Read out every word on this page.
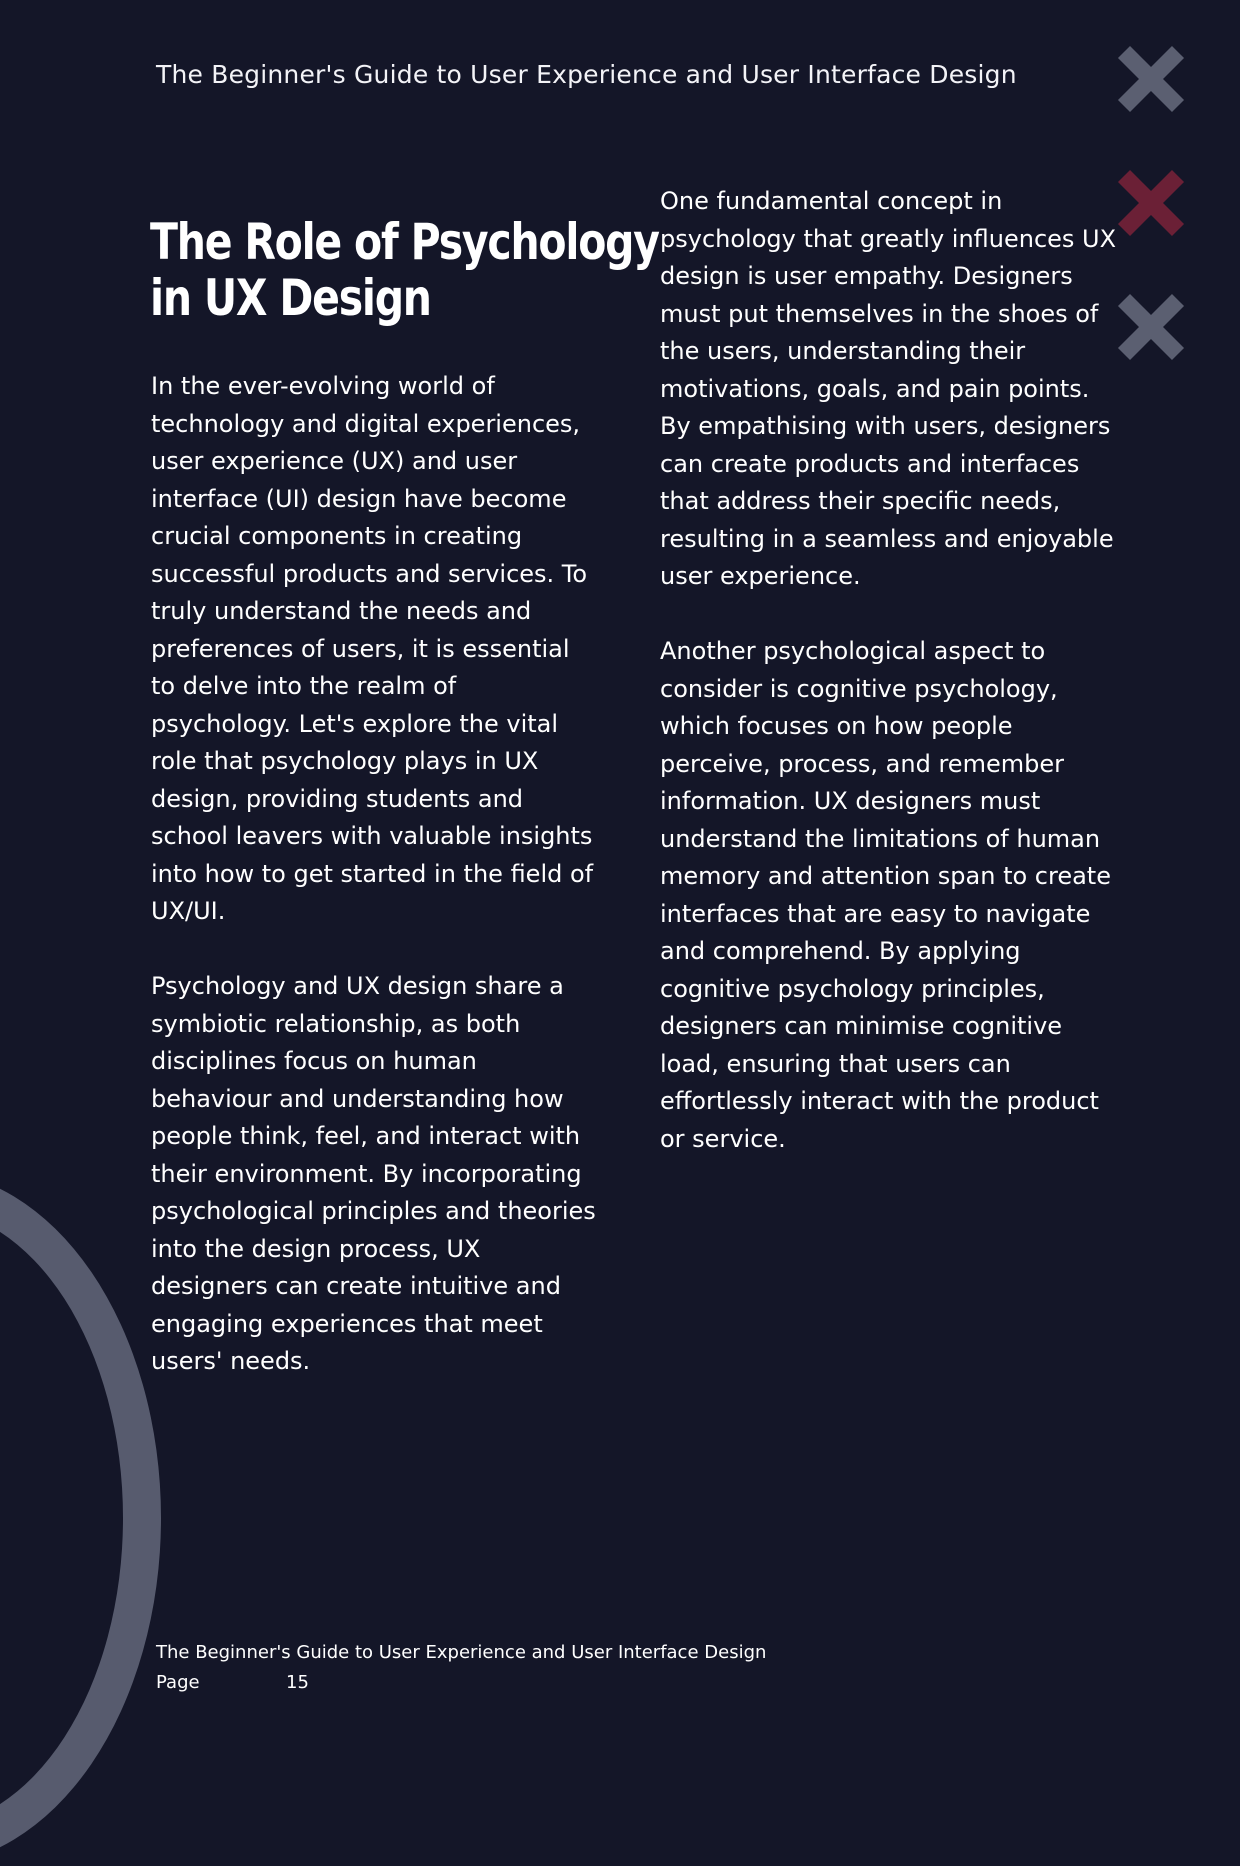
The Beginner's Guide to User Experience and User Interface Design
The Role of Psychology
in UX Design

In the ever-evolving world of technology and digital experiences, user experience (UX) and user interface (UI) design have become crucial components in creating successful products and services. To truly understand the needs and preferences of users, it is essential to delve into the realm of psychology. Let's explore the vital role that psychology plays in UX design, providing students and school leavers with valuable insights into how to get started in the field of UX/UI.

Psychology and UX design share a symbiotic relationship, as both disciplines focus on human behaviour and understanding how people think, feel, and interact with their environment. By incorporating psychological principles and theories into the design process, UX designers can create intuitive and engaging experiences that meet users' needs.

One fundamental concept in psychology that greatly influences UX design is user empathy. Designers must put themselves in the shoes of the users, understanding their motivations, goals, and pain points. By empathising with users, designers can create products and interfaces that address their specific needs, resulting in a seamless and enjoyable user experience.

Another psychological aspect to consider is cognitive psychology, which focuses on how people perceive, process, and remember information. UX designers must understand the limitations of human memory and attention span to create interfaces that are easy to navigate and comprehend. By applying cognitive psychology principles, designers can minimise cognitive load, ensuring that users can effortlessly interact with the product or service.

The Beginner's Guide to User Experience and User Interface Design
Page	15
